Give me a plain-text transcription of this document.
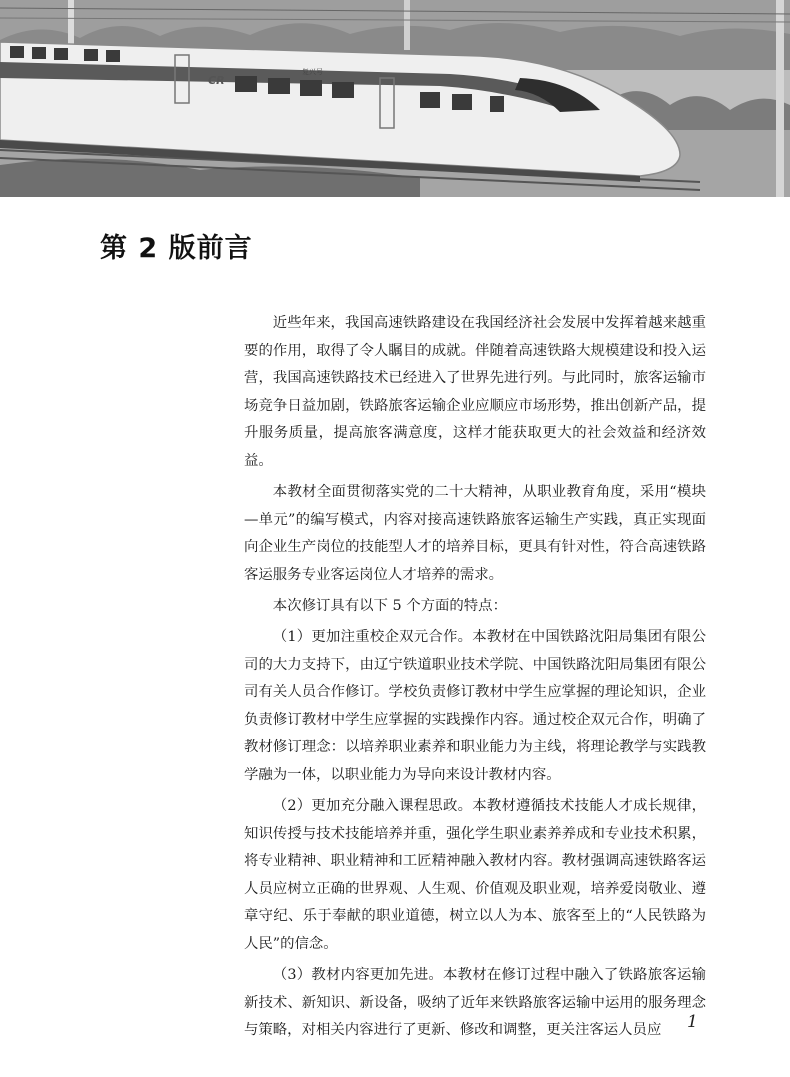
CR
复兴号
第 2 版前言

近些年来，我国高速铁路建设在我国经济社会发展中发挥着越来越重要的作用，取得了令人瞩目的成就。伴随着高速铁路大规模建设和投入运营，我国高速铁路技术已经进入了世界先进行列。与此同时，旅客运输市场竞争日益加剧，铁路旅客运输企业应顺应市场形势，推出创新产品，提升服务质量，提高旅客满意度，这样才能获取更大的社会效益和经济效益。

本教材全面贯彻落实党的二十大精神，从职业教育角度，采用“模块—单元”的编写模式，内容对接高速铁路旅客运输生产实践，真正实现面向企业生产岗位的技能型人才的培养目标，更具有针对性，符合高速铁路客运服务专业客运岗位人才培养的需求。

本次修订具有以下 5 个方面的特点：

（1）更加注重校企双元合作。本教材在中国铁路沈阳局集团有限公司的大力支持下，由辽宁铁道职业技术学院、中国铁路沈阳局集团有限公司有关人员合作修订。学校负责修订教材中学生应掌握的理论知识，企业负责修订教材中学生应掌握的实践操作内容。通过校企双元合作，明确了教材修订理念：以培养职业素养和职业能力为主线，将理论教学与实践教学融为一体，以职业能力为导向来设计教材内容。

（2）更加充分融入课程思政。本教材遵循技术技能人才成长规律，知识传授与技术技能培养并重，强化学生职业素养养成和专业技术积累，将专业精神、职业精神和工匠精神融入教材内容。教材强调高速铁路客运人员应树立正确的世界观、人生观、价值观及职业观，培养爱岗敬业、遵章守纪、乐于奉献的职业道德，树立以人为本、旅客至上的“人民铁路为人民”的信念。

（3）教材内容更加先进。本教材在修订过程中融入了铁路旅客运输新技术、新知识、新设备，吸纳了近年来铁路旅客运输中运用的服务理念与策略，对相关内容进行了更新、修改和调整，更关注客运人员应	1
